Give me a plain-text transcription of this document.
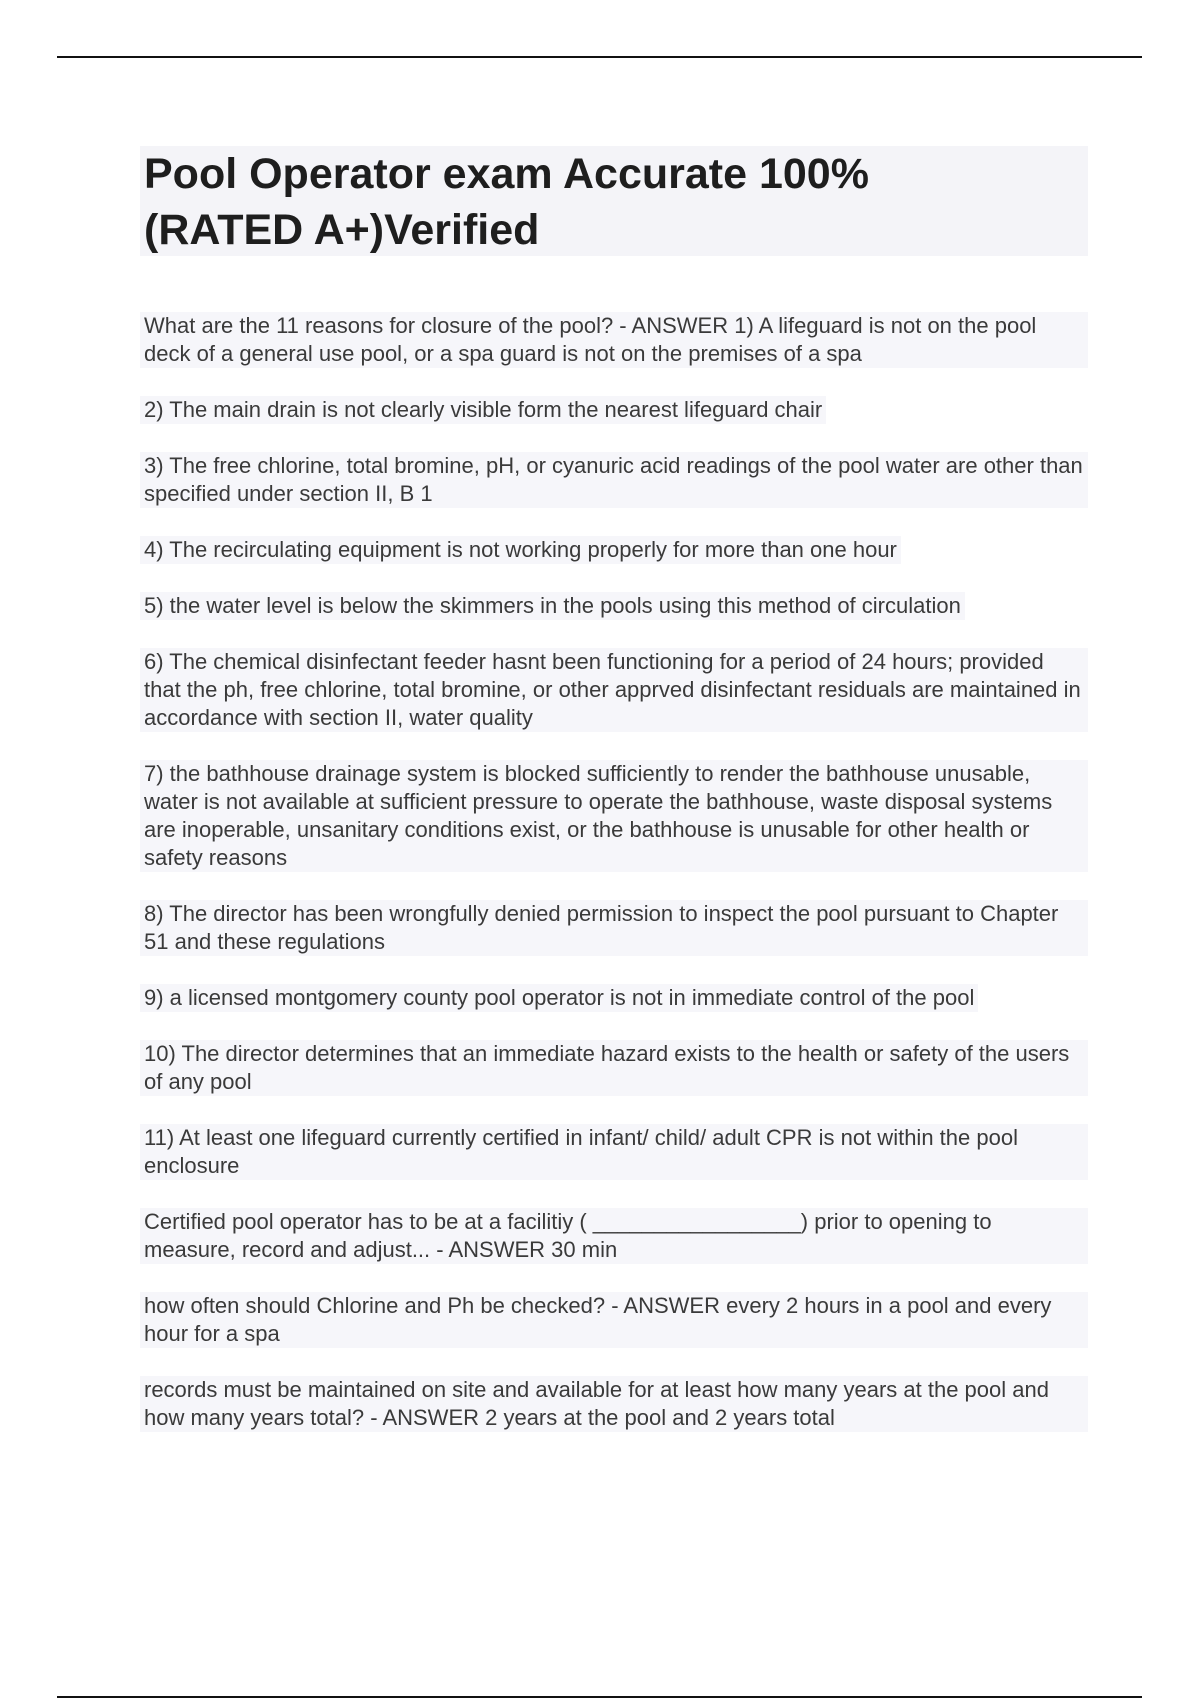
Pool Operator exam Accurate 100%
(RATED A+)Verified

What are the 11 reasons for closure of the pool? - ANSWER 1) A lifeguard is not on the pool deck of a general use pool, or a spa guard is not on the premises of a spa

2) The main drain is not clearly visible form the nearest lifeguard chair

3) The free chlorine, total bromine, pH, or cyanuric acid readings of the pool water are other than specified under section II, B 1

4) The recirculating equipment is not working properly for more than one hour

5) the water level is below the skimmers in the pools using this method of circulation

6) The chemical disinfectant feeder hasnt been functioning for a period of 24 hours; provided that the ph, free chlorine, total bromine, or other apprved disinfectant residuals are maintained in accordance with section II, water quality

7) the bathhouse drainage system is blocked sufficiently to render the bathhouse unusable, water is not available at sufficient pressure to operate the bathhouse, waste disposal systems are inoperable, unsanitary conditions exist, or the bathhouse is unusable for other health or safety reasons

8) The director has been wrongfully denied permission to inspect the pool pursuant to Chapter 51 and these regulations

9) a licensed montgomery county pool operator is not in immediate control of the pool

10) The director determines that an immediate hazard exists to the health or safety of the users of any pool

11) At least one lifeguard currently certified in infant/ child/ adult CPR is not within the pool enclosure

Certified pool operator has to be at a facilitiy ( _________________) prior to opening to measure, record and adjust... - ANSWER 30 min

how often should Chlorine and Ph be checked? - ANSWER every 2 hours in a pool and every hour for a spa

records must be maintained on site and available for at least how many years at the pool and how many years total? - ANSWER 2 years at the pool and 2 years total
